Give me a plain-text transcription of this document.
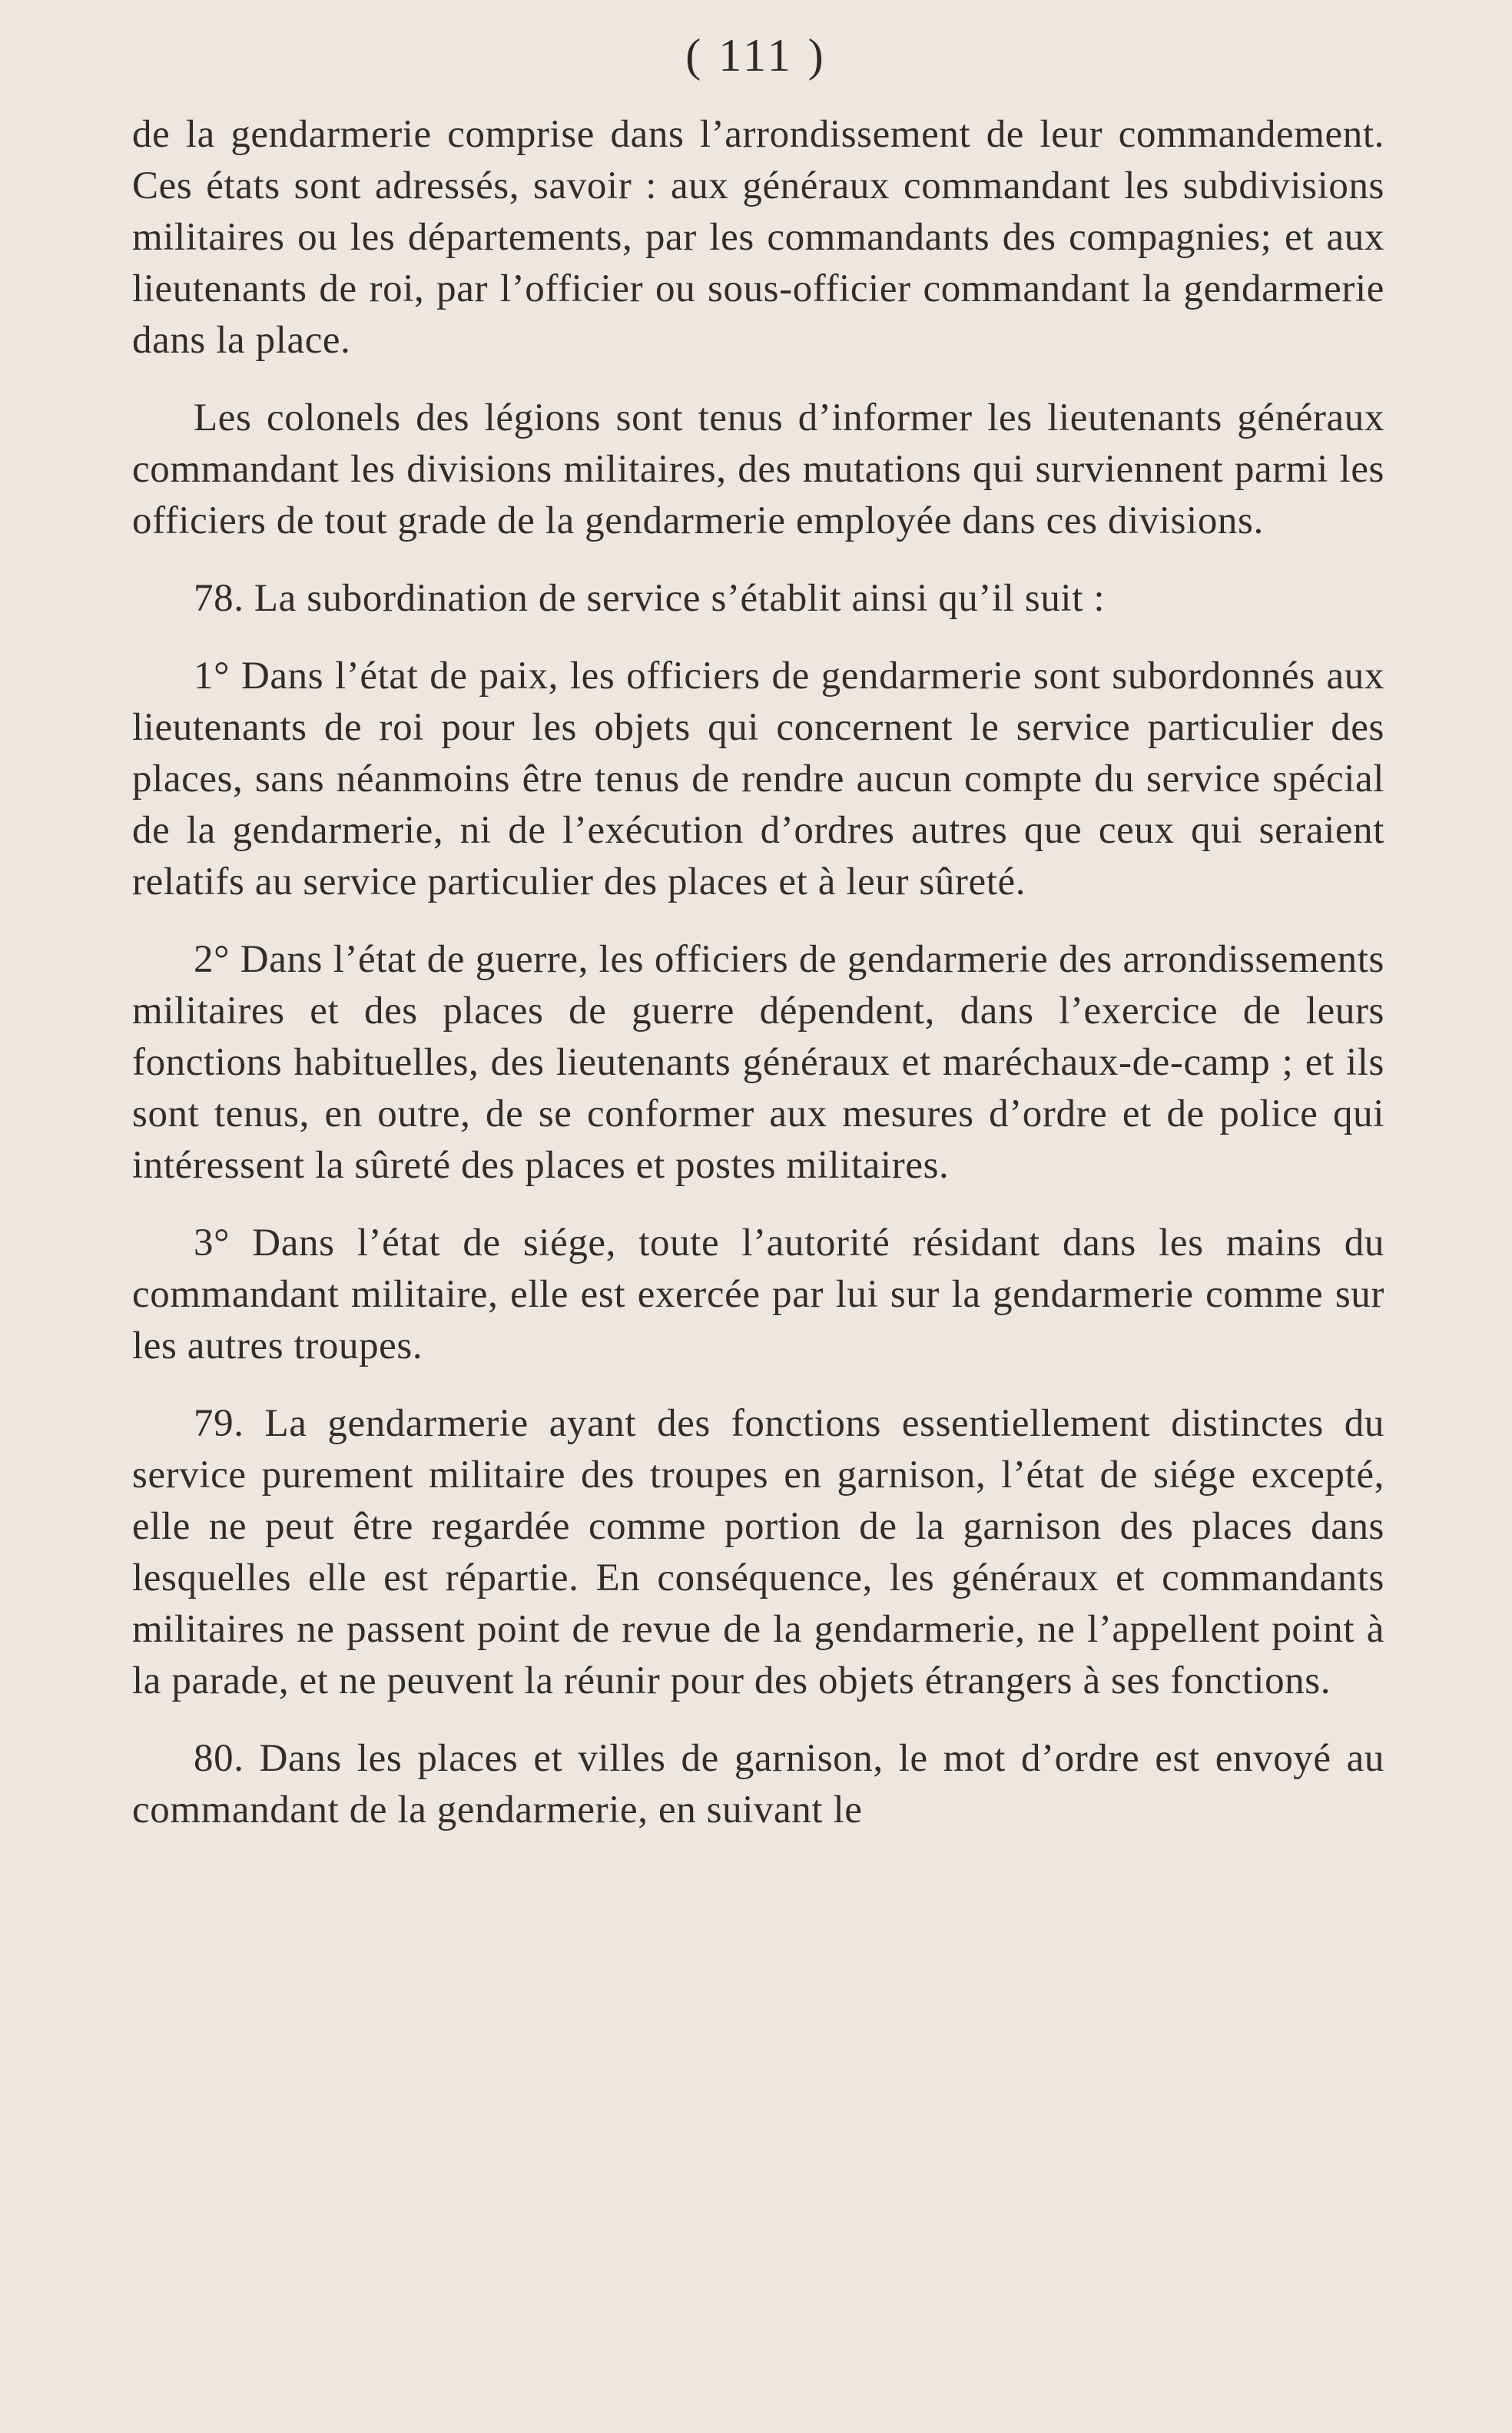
( 111 )

de la gendarmerie comprise dans l’arrondissement de leur commandement. Ces états sont adressés, savoir : aux généraux commandant les subdivisions militaires ou les départements, par les commandants des compagnies; et aux lieutenants de roi, par l’officier ou sous-officier commandant la gendarmerie dans la place.

Les colonels des légions sont tenus d’informer les lieutenants généraux commandant les divisions militaires, des mutations qui surviennent parmi les officiers de tout grade de la gendarmerie employée dans ces divisions.

78. La subordination de service s’établit ainsi qu’il suit :

1° Dans l’état de paix, les officiers de gendarmerie sont subordonnés aux lieutenants de roi pour les objets qui concernent le service particulier des places, sans néanmoins être tenus de rendre aucun compte du service spécial de la gendarmerie, ni de l’exécution d’ordres autres que ceux qui seraient relatifs au service particulier des places et à leur sûreté.

2° Dans l’état de guerre, les officiers de gendarmerie des arrondissements militaires et des places de guerre dépendent, dans l’exercice de leurs fonctions habituelles, des lieutenants généraux et maréchaux-de-camp ; et ils sont tenus, en outre, de se conformer aux mesures d’ordre et de police qui intéressent la sûreté des places et postes militaires.

3° Dans l’état de siége, toute l’autorité résidant dans les mains du commandant militaire, elle est exercée par lui sur la gendarmerie comme sur les autres troupes.

79. La gendarmerie ayant des fonctions essentiellement distinctes du service purement militaire des troupes en garnison, l’état de siége excepté, elle ne peut être regardée comme portion de la garnison des places dans lesquelles elle est répartie. En conséquence, les généraux et commandants militaires ne passent point de revue de la gendarmerie, ne l’appellent point à la parade, et ne peuvent la réunir pour des objets étrangers à ses fonctions.

80. Dans les places et villes de garnison, le mot d’ordre est envoyé au commandant de la gendarmerie, en suivant le
